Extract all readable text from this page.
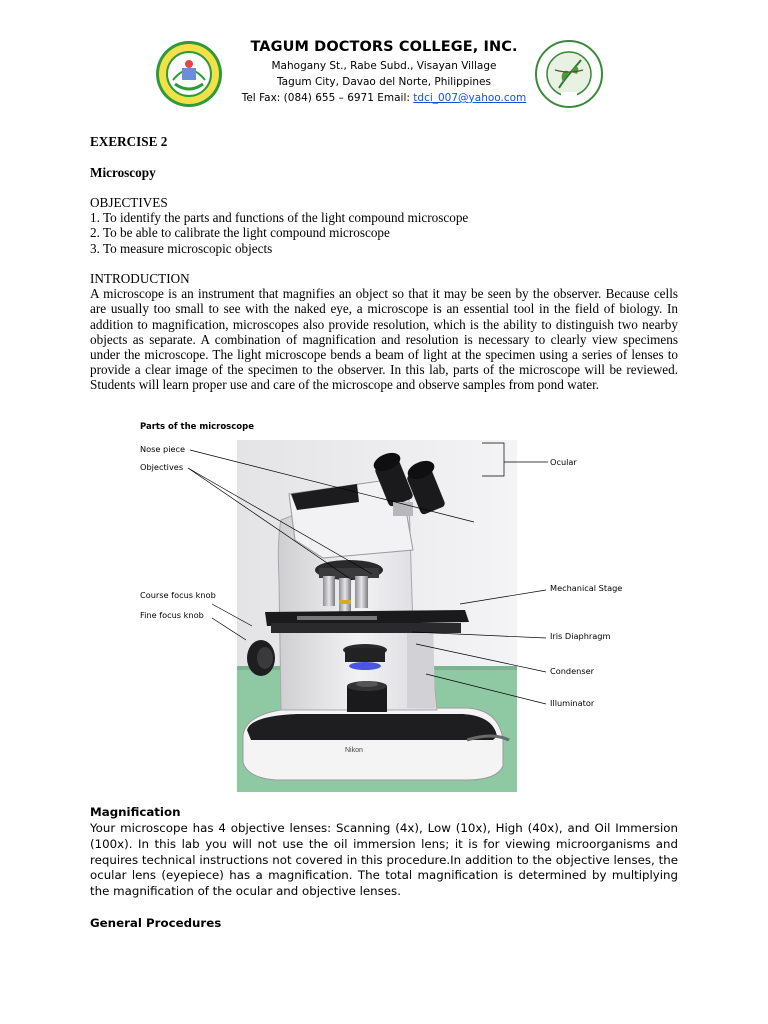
TAGUM DOCTORS COLLEGE, INC.
Mahogany St., Rabe Subd., Visayan Village
Tagum City, Davao del Norte, Philippines
Tel Fax: (084) 655 – 6971 Email: tdci_007@yahoo.com
EXERCISE 2
Microscopy
OBJECTIVES
1. To identify the parts and functions of the light compound microscope
2. To be able to calibrate the light compound microscope
3. To measure microscopic objects
INTRODUCTION

A microscope is an instrument that magnifies an object so that it may be seen by the observer. Because cells are usually too small to see with the naked eye, a microscope is an essential tool in the field of biology. In addition to magnification, microscopes also provide resolution, which is the ability to distinguish two nearby objects as separate. A combination of magnification and resolution is necessary to clearly view specimens under the microscope. The light microscope bends a beam of light at the specimen using a series of lenses to provide a clear image of the specimen to the observer. In this lab, parts of the microscope will be reviewed. Students will learn proper use and care of the microscope and observe samples from pond water.

Parts of the microscope
Nikon
Nose piece
Objectives	Ocular
Course focus knob
Fine focus knob
Mechanical Stage
Iris Diaphragm
Condenser
Illuminator
Magnification
Your microscope has 4 objective lenses: Scanning (4x), Low (10x), High (40x), and Oil Immersion (100x). In this lab you will not use the oil immersion lens; it is for viewing microorganisms and requires technical instructions not covered in this procedure.In addition to the objective lenses, the ocular lens (eyepiece) has a magnification. The total magnification is determined by multiplying the magnification of the ocular and objective lenses.
General Procedures
